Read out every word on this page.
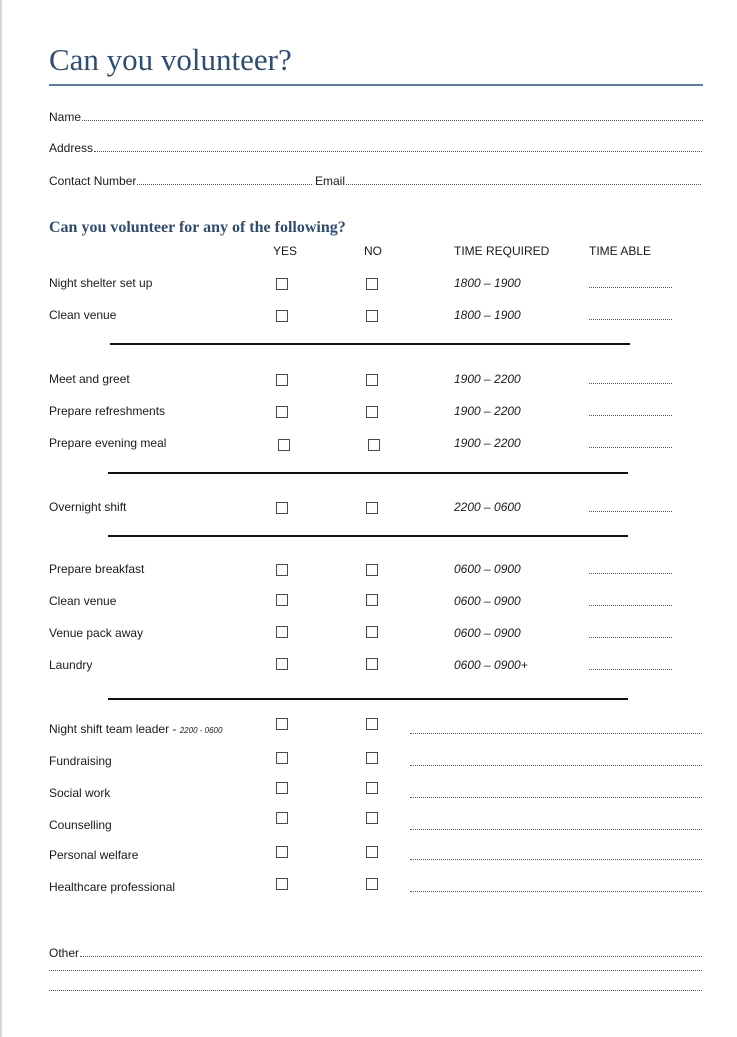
Can you volunteer?
Name
Address
Contact Number	Email
Can you volunteer for any of the following?
YES	NO	TIME REQUIRED	TIME ABLE
Night shelter set up	1800 – 1900
Clean venue	1800 – 1900
Meet and greet	1900 – 2200
Prepare refreshments	1900 – 2200
Prepare evening meal	1900 – 2200
Overnight shift	2200 – 0600
Prepare breakfast	0600 – 0900
Clean venue	0600 – 0900
Venue pack away	0600 – 0900
Laundry	0600 – 0900+
Night shift team leader - 2200 - 0600
Fundraising
Social work
Counselling
Personal welfare
Healthcare professional
Other
